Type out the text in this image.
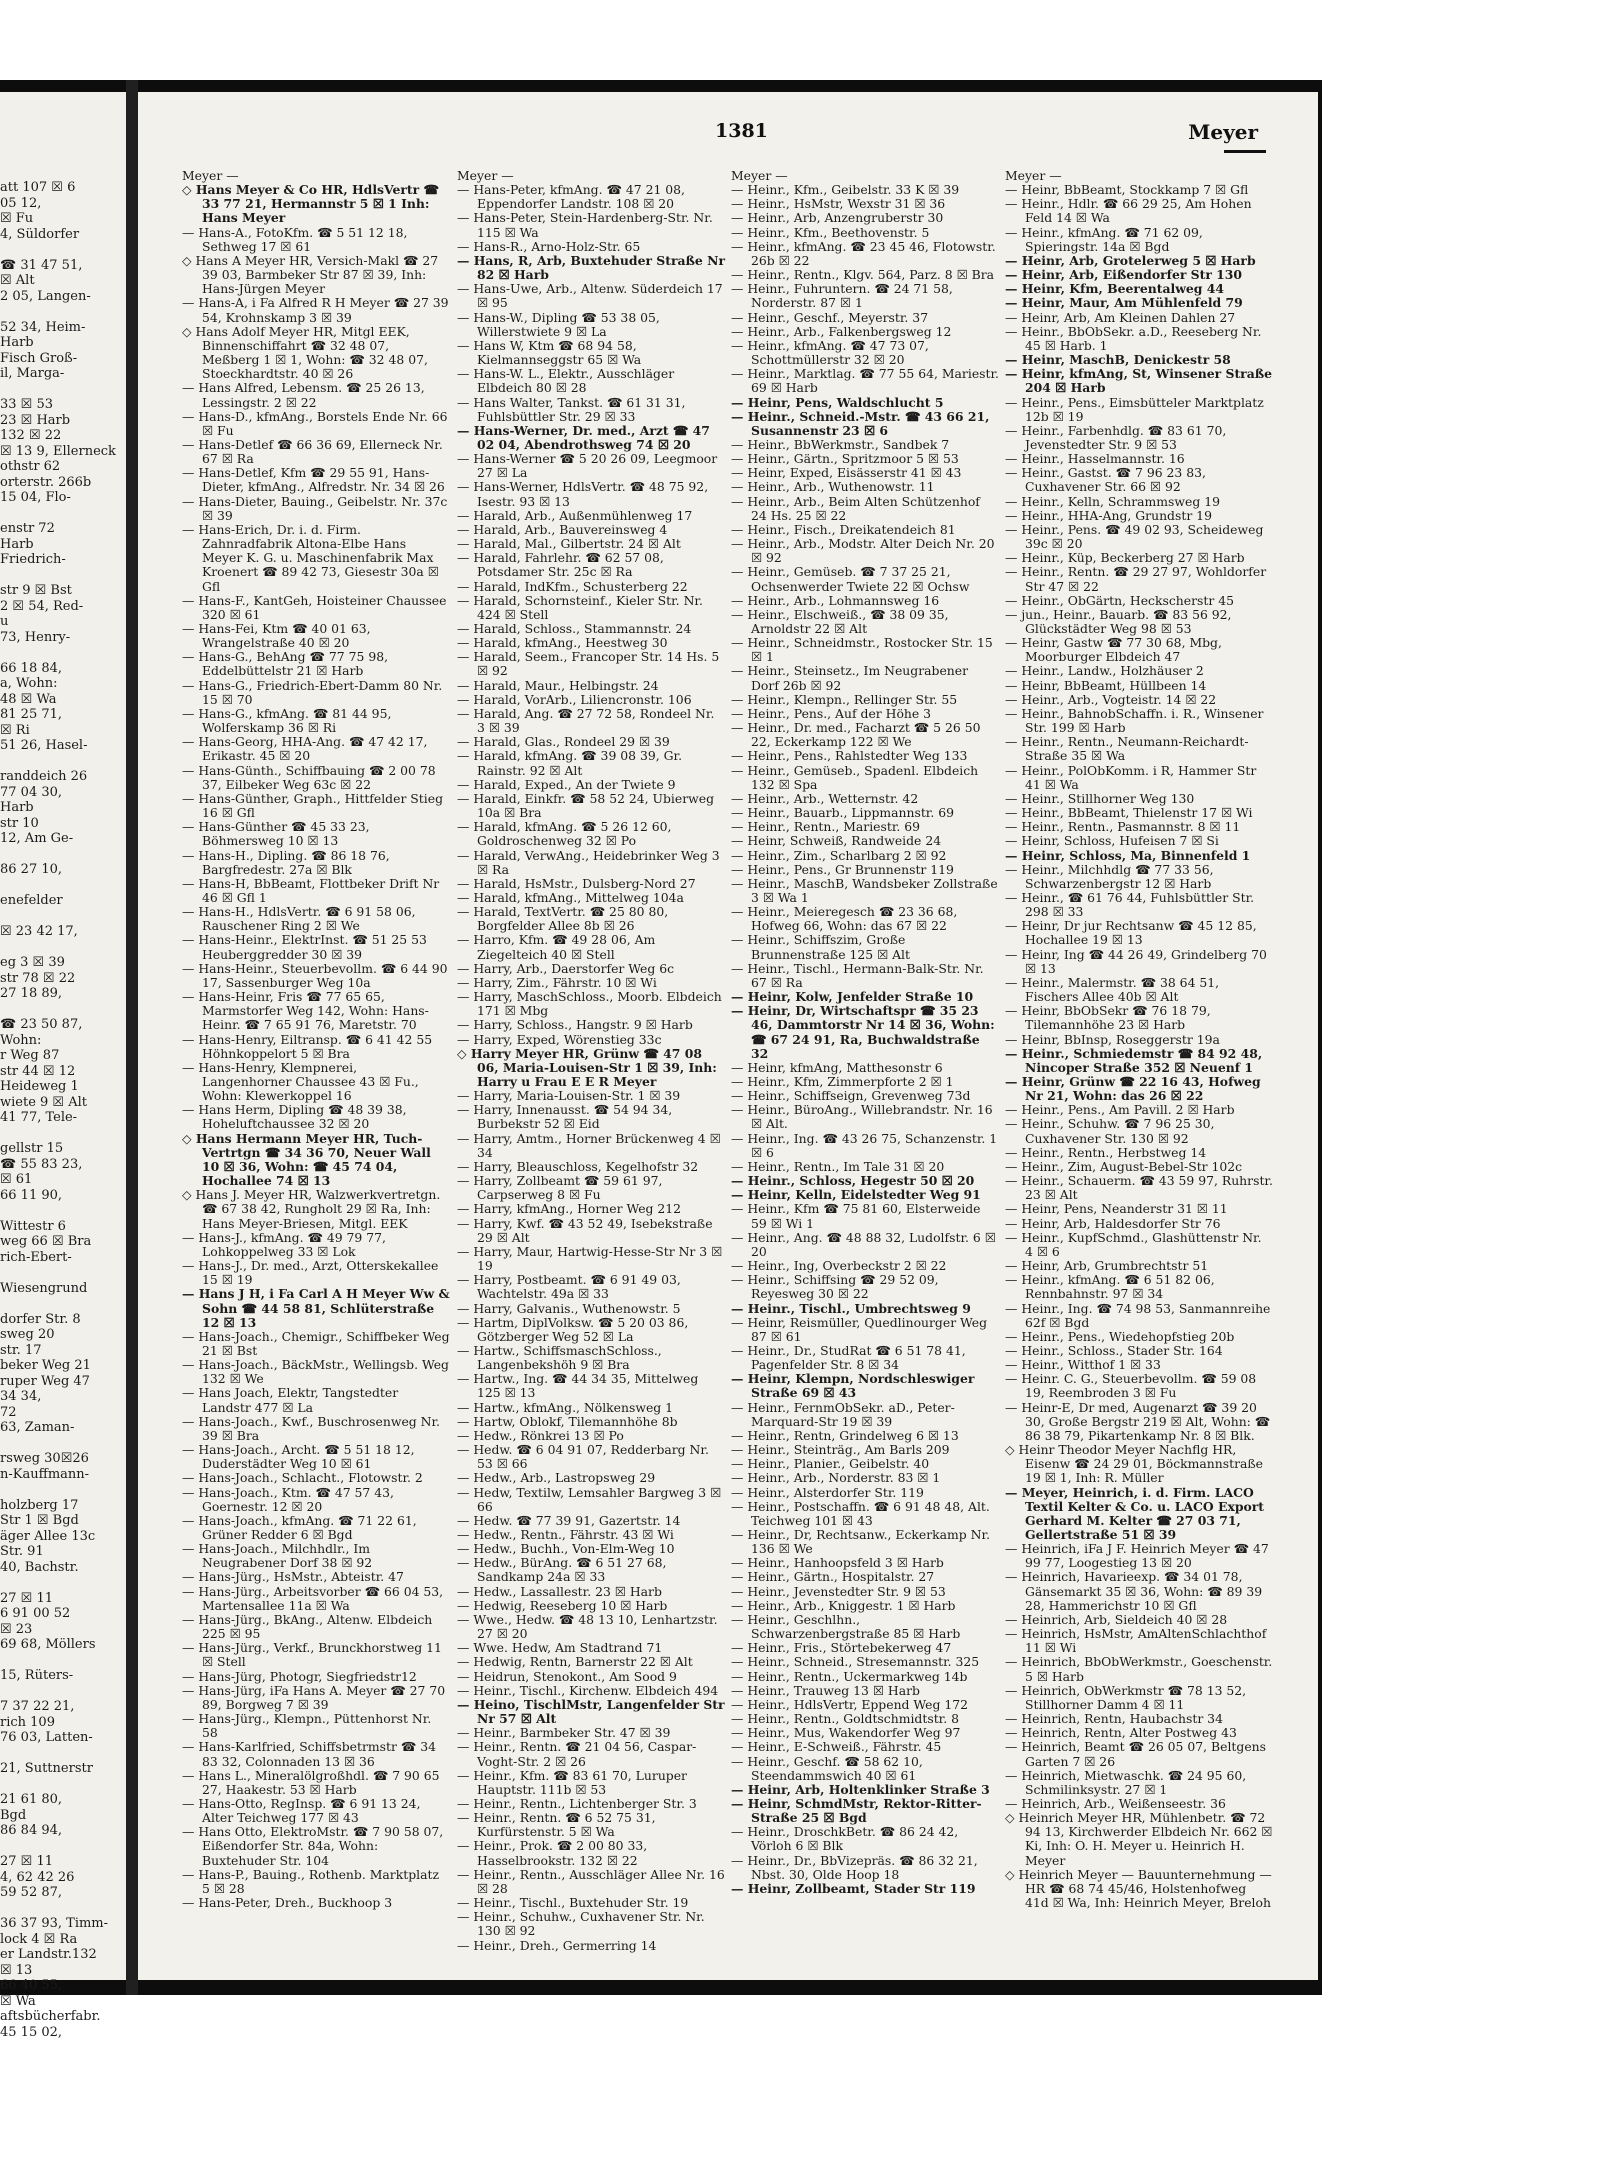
att 107 ☒ 6
05 12,
☒ Fu
4, Süldorfer

☎ 31 47 51,
☒ Alt
2 05, Langen-

52 34, Heim-
Harb
Fisch Groß-
il, Marga-

33 ☒ 53
23 ☒ Harb
132 ☒ 22
☒ 13 9, Ellerneck
othstr 62
orterstr. 266b
15 04, Flo-

enstr 72
Harb
Friedrich-

str 9 ☒ Bst
2 ☒ 54, Red-
u
73, Henry-

66 18 84,
a, Wohn:
48 ☒ Wa
81 25 71,
☒ Ri
51 26, Hasel-

randdeich 26
77 04 30,
Harb
str 10
12, Am Ge-

86 27 10,

enefelder

☒ 23 42 17,

eg 3 ☒ 39
str 78 ☒ 22
27 18 89,

☎ 23 50 87,
Wohn:
r Weg 87
str 44 ☒ 12
Heideweg 1
wiete 9 ☒ Alt
41 77, Tele-

gellstr 15
☎ 55 83 23,
☒ 61
66 11 90,

Wittestr 6
weg 66 ☒ Bra
rich-Ebert-

Wiesengrund

dorfer Str. 8
sweg 20
str. 17
beker Weg 21
ruper Weg 47
34 34,
72
63, Zaman-

rsweg 30☒26
n-Kauffmann-

holzberg 17
Str 1 ☒ Bgd
äger Allee 13c
Str. 91
40, Bachstr.

27 ☒ 11
6 91 00 52
☒ 23
69 68, Möllers

15, Rüters-

7 37 22 21,
rich 109
76 03, Latten-

21, Suttnerstr

21 61 80,
Bgd
86 84 94,

27 ☒ 11
4, 62 42 26
59 52 87,

36 37 93, Timm-
lock 4 ☒ Ra
er Landstr.132
☒ 13
66 40 55,
☒ Wa
aftsbücherfabr.
45 15 02,
1381	Meyer
Meyer —
◇ Hans Meyer & Co HR, HdlsVertr ☎ 33 77 21, Hermannstr 5 ☒ 1 Inh: Hans Meyer
— Hans-A., FotoKfm. ☎ 5 51 12 18, Sethweg 17 ☒ 61
◇ Hans A Meyer HR, Versich-Makl ☎ 27 39 03, Barmbeker Str 87 ☒ 39, Inh: Hans-Jürgen Meyer
— Hans-A, i Fa Alfred R H Meyer ☎ 27 39 54, Krohnskamp 3 ☒ 39
◇ Hans Adolf Meyer HR, Mitgl EEK, Binnenschiffahrt ☎ 32 48 07, Meßberg 1 ☒ 1, Wohn: ☎ 32 48 07, Stoeckhardtstr. 40 ☒ 26
— Hans Alfred, Lebensm. ☎ 25 26 13, Lessingstr. 2 ☒ 22
— Hans-D., kfmAng., Borstels Ende Nr. 66 ☒ Fu
— Hans-Detlef ☎ 66 36 69, Ellerneck Nr. 67 ☒ Ra
— Hans-Detlef, Kfm ☎ 29 55 91, Hans-Dieter, kfmAng., Alfredstr. Nr. 34 ☒ 26
— Hans-Dieter, Bauing., Geibelstr. Nr. 37c ☒ 39
— Hans-Erich, Dr. i. d. Firm. Zahnradfabrik Altona-Elbe Hans Meyer K. G. u. Maschinenfabrik Max Kroenert ☎ 89 42 73, Giesestr 30a ☒ Gfl
— Hans-F., KantGeh, Hoisteiner Chaussee 320 ☒ 61
— Hans-Fei, Ktm ☎ 40 01 63, Wrangelstraße 40 ☒ 20
— Hans-G., BehAng ☎ 77 75 98, Eddelbüttelstr 21 ☒ Harb
— Hans-G., Friedrich-Ebert-Damm 80 Nr. 15 ☒ 70
— Hans-G., kfmAng. ☎ 81 44 95, Wolferskamp 36 ☒ Ri
— Hans-Georg, HHA-Ang. ☎ 47 42 17, Erikastr. 45 ☒ 20
— Hans-Günth., Schiffbauing ☎ 2 00 78 37, Eilbeker Weg 63c ☒ 22
— Hans-Günther, Graph., Hittfelder Stieg 16 ☒ Gfl
— Hans-Günther ☎ 45 33 23, Böhmersweg 10 ☒ 13
— Hans-H., Dipling. ☎ 86 18 76, Bargfredestr. 27a ☒ Blk
— Hans-H, BbBeamt, Flottbeker Drift Nr 46 ☒ Gfl 1
— Hans-H., HdlsVertr. ☎ 6 91 58 06, Rauschener Ring 2 ☒ We
— Hans-Heinr., ElektrInst. ☎ 51 25 53 Heuberggredder 30 ☒ 39
— Hans-Heinr., Steuerbevollm. ☎ 6 44 90 17, Sassenburger Weg 10a
— Hans-Heinr, Fris ☎ 77 65 65, Marmstorfer Weg 142, Wohn: Hans-Heinr. ☎ 7 65 91 76, Maretstr. 70
— Hans-Henry, Eiltransp. ☎ 6 41 42 55 Höhnkoppelort 5 ☒ Bra
— Hans-Henry, Klempnerei, Langenhorner Chaussee 43 ☒ Fu., Wohn: Klewerkoppel 16
— Hans Herm, Dipling ☎ 48 39 38, Hoheluftchaussee 32 ☒ 20
◇ Hans Hermann Meyer HR, Tuch-Vertrtgn ☎ 34 36 70, Neuer Wall 10 ☒ 36, Wohn: ☎ 45 74 04, Hochallee 74 ☒ 13
◇ Hans J. Meyer HR, Walzwerkvertretgn. ☎ 67 38 42, Rungholt 29 ☒ Ra, Inh: Hans Meyer-Briesen, Mitgl. EEK
— Hans-J., kfmAng. ☎ 49 79 77, Lohkoppelweg 33 ☒ Lok
— Hans-J., Dr. med., Arzt, Otterskekallee 15 ☒ 19
— Hans J H, i Fa Carl A H Meyer Ww & Sohn ☎ 44 58 81, Schlüterstraße 12 ☒ 13
— Hans-Joach., Chemigr., Schiffbeker Weg 21 ☒ Bst
— Hans-Joach., BäckMstr., Wellingsb. Weg 132 ☒ We
— Hans Joach, Elektr, Tangstedter Landstr 477 ☒ La
— Hans-Joach., Kwf., Buschrosenweg Nr. 39 ☒ Bra
— Hans-Joach., Archt. ☎ 5 51 18 12, Duderstädter Weg 10 ☒ 61
— Hans-Joach., Schlacht., Flotowstr. 2
— Hans-Joach., Ktm. ☎ 47 57 43, Goernestr. 12 ☒ 20
— Hans-Joach., kfmAng. ☎ 71 22 61, Grüner Redder 6 ☒ Bgd
— Hans-Joach., Milchhdlr., Im Neugrabener Dorf 38 ☒ 92
— Hans-Jürg., HsMstr., Abteistr. 47
— Hans-Jürg., Arbeitsvorber ☎ 66 04 53, Martensallee 11a ☒ Wa
— Hans-Jürg., BkAng., Altenw. Elbdeich 225 ☒ 95
— Hans-Jürg., Verkf., Brunckhorstweg 11 ☒ Stell
— Hans-Jürg, Photogr, Siegfriedstr12
— Hans-Jürg, iFa Hans A. Meyer ☎ 27 70 89, Borgweg 7 ☒ 39
— Hans-Jürg., Klempn., Püttenhorst Nr. 58
— Hans-Karlfried, Schiffsbetrmstr ☎ 34 83 32, Colonnaden 13 ☒ 36
— Hans L., Mineralölgroßhdl. ☎ 7 90 65 27, Haakestr. 53 ☒ Harb
— Hans-Otto, RegInsp. ☎ 6 91 13 24, Alter Teichweg 177 ☒ 43
— Hans Otto, ElektroMstr. ☎ 7 90 58 07, Eißendorfer Str. 84a, Wohn: Buxtehuder Str. 104
— Hans-P., Bauing., Rothenb. Marktplatz 5 ☒ 28
— Hans-Peter, Dreh., Buckhoop 3
Meyer —
— Hans-Peter, kfmAng. ☎ 47 21 08, Eppendorfer Landstr. 108 ☒ 20
— Hans-Peter, Stein-Hardenberg-Str. Nr. 115 ☒ Wa
— Hans-R., Arno-Holz-Str. 65
— Hans, R, Arb, Buxtehuder Straße Nr 82 ☒ Harb
— Hans-Uwe, Arb., Altenw. Süderdeich 17 ☒ 95
— Hans-W., Dipling ☎ 53 38 05, Willerstwiete 9 ☒ La
— Hans W, Ktm ☎ 68 94 58, Kielmannseggstr 65 ☒ Wa
— Hans-W. L., Elektr., Ausschläger Elbdeich 80 ☒ 28
— Hans Walter, Tankst. ☎ 61 31 31, Fuhlsbüttler Str. 29 ☒ 33
— Hans-Werner, Dr. med., Arzt ☎ 47 02 04, Abendrothsweg 74 ☒ 20
— Hans-Werner ☎ 5 20 26 09, Leegmoor 27 ☒ La
— Hans-Werner, HdlsVertr. ☎ 48 75 92, Isestr. 93 ☒ 13
— Harald, Arb., Außenmühlenweg 17
— Harald, Arb., Bauvereinsweg 4
— Harald, Mal., Gilbertstr. 24 ☒ Alt
— Harald, Fahrlehr. ☎ 62 57 08, Potsdamer Str. 25c ☒ Ra
— Harald, IndKfm., Schusterberg 22
— Harald, Schornsteinf., Kieler Str. Nr. 424 ☒ Stell
— Harald, Schloss., Stammannstr. 24
— Harald, kfmAng., Heestweg 30
— Harald, Seem., Francoper Str. 14 Hs. 5 ☒ 92
— Harald, Maur., Helbingstr. 24
— Harald, VorArb., Liliencronstr. 106
— Harald, Ang. ☎ 27 72 58, Rondeel Nr. 3 ☒ 39
— Harald, Glas., Rondeel 29 ☒ 39
— Harald, kfmAng. ☎ 39 08 39, Gr. Rainstr. 92 ☒ Alt
— Harald, Exped., An der Twiete 9
— Harald, Einkfr. ☎ 58 52 24, Ubierweg 10a ☒ Bra
— Harald, kfmAng. ☎ 5 26 12 60, Goldroschenweg 32 ☒ Po
— Harald, VerwAng., Heidebrinker Weg 3 ☒ Ra
— Harald, HsMstr., Dulsberg-Nord 27
— Harald, kfmAng., Mittelweg 104a
— Harald, TextVertr. ☎ 25 80 80, Borgfelder Allee 8b ☒ 26
— Harro, Kfm. ☎ 49 28 06, Am Ziegelteich 40 ☒ Stell
— Harry, Arb., Daerstorfer Weg 6c
— Harry, Zim., Fährstr. 10 ☒ Wi
— Harry, MaschSchloss., Moorb. Elbdeich 171 ☒ Mbg
— Harry, Schloss., Hangstr. 9 ☒ Harb
— Harry, Exped, Wörenstieg 33c
◇ Harry Meyer HR, Grünw ☎ 47 08 06, Maria-Louisen-Str 1 ☒ 39, Inh: Harry u Frau E E R Meyer
— Harry, Maria-Louisen-Str. 1 ☒ 39
— Harry, Innenausst. ☎ 54 94 34, Burbekstr 52 ☒ Eid
— Harry, Amtm., Horner Brückenweg 4 ☒ 34
— Harry, Bleauschloss, Kegelhofstr 32
— Harry, Zollbeamt ☎ 59 61 97, Carpserweg 8 ☒ Fu
— Harry, kfmAng., Horner Weg 212
— Harry, Kwf. ☎ 43 52 49, Isebekstraße 29 ☒ Alt
— Harry, Maur, Hartwig-Hesse-Str Nr 3 ☒ 19
— Harry, Postbeamt. ☎ 6 91 49 03, Wachtelstr. 49a ☒ 33
— Harry, Galvanis., Wuthenowstr. 5
— Hartm, DiplVolksw. ☎ 5 20 03 86, Götzberger Weg 52 ☒ La
— Hartw., SchiffsmaschSchloss., Langenbekshöh 9 ☒ Bra
— Hartw., Ing. ☎ 44 34 35, Mittelweg 125 ☒ 13
— Hartw., kfmAng., Nölkensweg 1
— Hartw, Oblokf, Tilemannhöhe 8b
— Hedw., Rönkrei 13 ☒ Po
— Hedw. ☎ 6 04 91 07, Redderbarg Nr. 53 ☒ 66
— Hedw., Arb., Lastropsweg 29
— Hedw, Textilw, Lemsahler Bargweg 3 ☒ 66
— Hedw. ☎ 77 39 91, Gazertstr. 14
— Hedw., Rentn., Fährstr. 43 ☒ Wi
— Hedw., Buchh., Von-Elm-Weg 10
— Hedw., BürAng. ☎ 6 51 27 68, Sandkamp 24a ☒ 33
— Hedw., Lassallestr. 23 ☒ Harb
— Hedwig, Reeseberg 10 ☒ Harb
— Wwe., Hedw. ☎ 48 13 10, Lenhartzstr. 27 ☒ 20
— Wwe. Hedw, Am Stadtrand 71
— Hedwig, Rentn, Barnerstr 22 ☒ Alt
— Heidrun, Stenokont., Am Sood 9
— Heinr., Tischl., Kirchenw. Elbdeich 494
— Heino, TischlMstr, Langenfelder Str Nr 57 ☒ Alt
— Heinr., Barmbeker Str. 47 ☒ 39
— Heinr., Rentn. ☎ 21 04 56, Caspar-Voght-Str. 2 ☒ 26
— Heinr., Kfm. ☎ 83 61 70, Luruper Hauptstr. 111b ☒ 53
— Heinr., Rentn., Lichtenberger Str. 3
— Heinr., Rentn. ☎ 6 52 75 31, Kurfürstenstr. 5 ☒ Wa
— Heinr., Prok. ☎ 2 00 80 33, Hasselbrookstr. 132 ☒ 22
— Heinr., Rentn., Ausschläger Allee Nr. 16 ☒ 28
— Heinr., Tischl., Buxtehuder Str. 19
— Heinr., Schuhw., Cuxhavener Str. Nr. 130 ☒ 92
— Heinr., Dreh., Germerring 14
Meyer —
— Heinr., Kfm., Geibelstr. 33 K ☒ 39
— Heinr., HsMstr, Wexstr 31 ☒ 36
— Heinr., Arb, Anzengruberstr 30
— Heinr., Kfm., Beethovenstr. 5
— Heinr., kfmAng. ☎ 23 45 46, Flotowstr. 26b ☒ 22
— Heinr., Rentn., Klgv. 564, Parz. 8 ☒ Bra
— Heinr., Fuhruntern. ☎ 24 71 58, Norderstr. 87 ☒ 1
— Heinr., Geschf., Meyerstr. 37
— Heinr., Arb., Falkenbergsweg 12
— Heinr., kfmAng. ☎ 47 73 07, Schottmüllerstr 32 ☒ 20
— Heinr., Marktlag. ☎ 77 55 64, Mariestr. 69 ☒ Harb
— Heinr, Pens, Waldschlucht 5
— Heinr., Schneid.-Mstr. ☎ 43 66 21, Susannenstr 23 ☒ 6
— Heinr., BbWerkmstr., Sandbek 7
— Heinr., Gärtn., Spritzmoor 5 ☒ 53
— Heinr, Exped, Eisässerstr 41 ☒ 43
— Heinr., Arb., Wuthenowstr. 11
— Heinr., Arb., Beim Alten Schützenhof 24 Hs. 25 ☒ 22
— Heinr., Fisch., Dreikatendeich 81
— Heinr., Arb., Modstr. Alter Deich Nr. 20 ☒ 92
— Heinr., Gemüseb. ☎ 7 37 25 21, Ochsenwerder Twiete 22 ☒ Ochsw
— Heinr., Arb., Lohmannsweg 16
— Heinr., Elschweiß., ☎ 38 09 35, Arnoldstr 22 ☒ Alt
— Heinr., Schneidmstr., Rostocker Str. 15 ☒ 1
— Heinr., Steinsetz., Im Neugrabener Dorf 26b ☒ 92
— Heinr., Klempn., Rellinger Str. 55
— Heinr., Pens., Auf der Höhe 3
— Heinr., Dr. med., Facharzt ☎ 5 26 50 22, Eckerkamp 122 ☒ We
— Heinr., Pens., Rahlstedter Weg 133
— Heinr., Gemüseb., Spadenl. Elbdeich 132 ☒ Spa
— Heinr., Arb., Wetternstr. 42
— Heinr., Bauarb., Lippmannstr. 69
— Heinr., Rentn., Mariestr. 69
— Heinr, Schweiß, Randweide 24
— Heinr., Zim., Scharlbarg 2 ☒ 92
— Heinr., Pens., Gr Brunnenstr 119
— Heinr., MaschB, Wandsbeker Zollstraße 3 ☒ Wa 1
— Heinr., Meieregesch ☎ 23 36 68, Hofweg 66, Wohn: das 67 ☒ 22
— Heinr., Schiffszim, Große Brunnenstraße 125 ☒ Alt
— Heinr., Tischl., Hermann-Balk-Str. Nr. 67 ☒ Ra
— Heinr, Kolw, Jenfelder Straße 10
— Heinr, Dr, Wirtschaftspr ☎ 35 23 46, Dammtorstr Nr 14 ☒ 36, Wohn: ☎ 67 24 91, Ra, Buchwaldstraße 32
— Heinr, kfmAng, Matthesonstr 6
— Heinr., Kfm, Zimmerpforte 2 ☒ 1
— Heinr., Schiffseign, Grevenweg 73d
— Heinr., BüroAng., Willebrandstr. Nr. 16 ☒ Alt.
— Heinr., Ing. ☎ 43 26 75, Schanzenstr. 1 ☒ 6
— Heinr., Rentn., Im Tale 31 ☒ 20
— Heinr., Schloss, Hegestr 50 ☒ 20
— Heinr, Kelln, Eidelstedter Weg 91
— Heinr., Kfm ☎ 75 81 60, Elsterweide 59 ☒ Wi 1
— Heinr., Ang. ☎ 48 88 32, Ludolfstr. 6 ☒ 20
— Heinr., Ing, Overbeckstr 2 ☒ 22
— Heinr., Schiffsing ☎ 29 52 09, Reyesweg 30 ☒ 22
— Heinr., Tischl., Umbrechtsweg 9
— Heinr, Reismüller, Quedlinourger Weg 87 ☒ 61
— Heinr., Dr., StudRat ☎ 6 51 78 41, Pagenfelder Str. 8 ☒ 34
— Heinr, Klempn, Nordschleswiger Straße 69 ☒ 43
— Heinr., FernmObSekr. aD., Peter-Marquard-Str 19 ☒ 39
— Heinr., Rentn, Grindelweg 6 ☒ 13
— Heinr., Steinträg., Am Barls 209
— Heinr., Planier., Geibelstr. 40
— Heinr., Arb., Norderstr. 83 ☒ 1
— Heinr., Alsterdorfer Str. 119
— Heinr., Postschaffn. ☎ 6 91 48 48, Alt. Teichweg 101 ☒ 43
— Heinr., Dr, Rechtsanw., Eckerkamp Nr. 136 ☒ We
— Heinr., Hanhoopsfeld 3 ☒ Harb
— Heinr., Gärtn., Hospitalstr. 27
— Heinr., Jevenstedter Str. 9 ☒ 53
— Heinr., Arb., Kniggestr. 1 ☒ Harb
— Heinr., Geschlhn., Schwarzenbergstraße 85 ☒ Harb
— Heinr., Fris., Störtebekerweg 47
— Heinr., Schneid., Stresemannstr. 325
— Heinr., Rentn., Uckermarkweg 14b
— Heinr., Trauweg 13 ☒ Harb
— Heinr., HdlsVertr, Eppend Weg 172
— Heinr., Rentn., Goldtschmidtstr. 8
— Heinr., Mus, Wakendorfer Weg 97
— Heinr., E-Schweiß., Fährstr. 45
— Heinr., Geschf. ☎ 58 62 10, Steendammswich 40 ☒ 61
— Heinr, Arb, Holtenklinker Straße 3
— Heinr, SchmdMstr, Rektor-Ritter-Straße 25 ☒ Bgd
— Heinr., DroschkBetr. ☎ 86 24 42, Vörloh 6 ☒ Blk
— Heinr., Dr., BbVizepräs. ☎ 86 32 21, Nbst. 30, Olde Hoop 18
— Heinr, Zollbeamt, Stader Str 119
Meyer —
— Heinr, BbBeamt, Stockkamp 7 ☒ Gfl
— Heinr., Hdlr. ☎ 66 29 25, Am Hohen Feld 14 ☒ Wa
— Heinr., kfmAng. ☎ 71 62 09, Spieringstr. 14a ☒ Bgd
— Heinr, Arb, Grotelerweg 5 ☒ Harb
— Heinr, Arb, Eißendorfer Str 130
— Heinr, Kfm, Beerentalweg 44
— Heinr, Maur, Am Mühlenfeld 79
— Heinr, Arb, Am Kleinen Dahlen 27
— Heinr., BbObSekr. a.D., Reeseberg Nr. 45 ☒ Harb. 1
— Heinr, MaschB, Denickestr 58
— Heinr, kfmAng, St, Winsener Straße 204 ☒ Harb
— Heinr., Pens., Eimsbütteler Marktplatz 12b ☒ 19
— Heinr., Farbenhdlg. ☎ 83 61 70, Jevenstedter Str. 9 ☒ 53
— Heinr., Hasselmannstr. 16
— Heinr., Gastst. ☎ 7 96 23 83, Cuxhavener Str. 66 ☒ 92
— Heinr., Kelln, Schrammsweg 19
— Heinr., HHA-Ang, Grundstr 19
— Heinr., Pens. ☎ 49 02 93, Scheideweg 39c ☒ 20
— Heinr., Küp, Beckerberg 27 ☒ Harb
— Heinr., Rentn. ☎ 29 27 97, Wohldorfer Str 47 ☒ 22
— Heinr., ObGärtn, Heckscherstr 45
— jun., Heinr., Bauarb. ☎ 83 56 92, Glückstädter Weg 98 ☒ 53
— Heinr, Gastw ☎ 77 30 68, Mbg, Moorburger Elbdeich 47
— Heinr., Landw., Holzhäuser 2
— Heinr, BbBeamt, Hüllbeen 14
— Heinr., Arb., Vogteistr. 14 ☒ 22
— Heinr., BahnobSchaffn. i. R., Winsener Str. 199 ☒ Harb
— Heinr., Rentn., Neumann-Reichardt-Straße 35 ☒ Wa
— Heinr., PolObKomm. i R, Hammer Str 41 ☒ Wa
— Heinr., Stillhorner Weg 130
— Heinr., BbBeamt, Thielenstr 17 ☒ Wi
— Heinr., Rentn., Pasmannstr. 8 ☒ 11
— Heinr, Schloss, Hufeisen 7 ☒ Si
— Heinr, Schloss, Ma, Binnenfeld 1
— Heinr., Milchhdlg ☎ 77 33 56, Schwarzenbergstr 12 ☒ Harb
— Heinr., ☎ 61 76 44, Fuhlsbüttler Str. 298 ☒ 33
— Heinr, Dr jur Rechtsanw ☎ 45 12 85, Hochallee 19 ☒ 13
— Heinr, Ing ☎ 44 26 49, Grindelberg 70 ☒ 13
— Heinr., Malermstr. ☎ 38 64 51, Fischers Allee 40b ☒ Alt
— Heinr, BbObSekr ☎ 76 18 79, Tilemannhöhe 23 ☒ Harb
— Heinr, BbInsp, Roseggerstr 19a
— Heinr., Schmiedemstr ☎ 84 92 48, Nincoper Straße 352 ☒ Neuenf 1
— Heinr, Grünw ☎ 22 16 43, Hofweg Nr 21, Wohn: das 26 ☒ 22
— Heinr., Pens., Am Pavill. 2 ☒ Harb
— Heinr., Schuhw. ☎ 7 96 25 30, Cuxhavener Str. 130 ☒ 92
— Heinr., Rentn., Herbstweg 14
— Heinr., Zim, August-Bebel-Str 102c
— Heinr., Schauerm. ☎ 43 59 97, Ruhrstr. 23 ☒ Alt
— Heinr, Pens, Neanderstr 31 ☒ 11
— Heinr, Arb, Haldesdorfer Str 76
— Heinr., KupfSchmd., Glashüttenstr Nr. 4 ☒ 6
— Heinr, Arb, Grumbrechtstr 51
— Heinr., kfmAng. ☎ 6 51 82 06, Rennbahnstr. 97 ☒ 34
— Heinr., Ing. ☎ 74 98 53, Sanmannreihe 62f ☒ Bgd
— Heinr., Pens., Wiedehopfstieg 20b
— Heinr., Schloss., Stader Str. 164
— Heinr., Witthof 1 ☒ 33
— Heinr. C. G., Steuerbevollm. ☎ 59 08 19, Reembroden 3 ☒ Fu
— Heinr-E, Dr med, Augenarzt ☎ 39 20 30, Große Bergstr 219 ☒ Alt, Wohn: ☎ 86 38 79, Pikartenkamp Nr. 8 ☒ Blk.
◇ Heinr Theodor Meyer Nachflg HR, Eisenw ☎ 24 29 01, Böckmannstraße 19 ☒ 1, Inh: R. Müller
— Meyer, Heinrich, i. d. Firm. LACO Textil Kelter & Co. u. LACO Export Gerhard M. Kelter ☎ 27 03 71, Gellertstraße 51 ☒ 39
— Heinrich, iFa J F. Heinrich Meyer ☎ 47 99 77, Loogestieg 13 ☒ 20
— Heinrich, Havarieexp. ☎ 34 01 78, Gänsemarkt 35 ☒ 36, Wohn: ☎ 89 39 28, Hammerichstr 10 ☒ Gfl
— Heinrich, Arb, Sieldeich 40 ☒ 28
— Heinrich, HsMstr, AmAltenSchlachthof 11 ☒ Wi
— Heinrich, BbObWerkmstr., Goeschenstr. 5 ☒ Harb
— Heinrich, ObWerkmstr ☎ 78 13 52, Stillhorner Damm 4 ☒ 11
— Heinrich, Rentn, Haubachstr 34
— Heinrich, Rentn, Alter Postweg 43
— Heinrich, Beamt ☎ 26 05 07, Beltgens Garten 7 ☒ 26
— Heinrich, Mietwaschk. ☎ 24 95 60, Schmilinksystr. 27 ☒ 1
— Heinrich, Arb., Weißenseestr. 36
◇ Heinrich Meyer HR, Mühlenbetr. ☎ 72 94 13, Kirchwerder Elbdeich Nr. 662 ☒ Ki, Inh: O. H. Meyer u. Heinrich H. Meyer
◇ Heinrich Meyer — Bauunternehmung — HR ☎ 68 74 45/46, Holstenhofweg 41d ☒ Wa, Inh: Heinrich Meyer, Breloh
